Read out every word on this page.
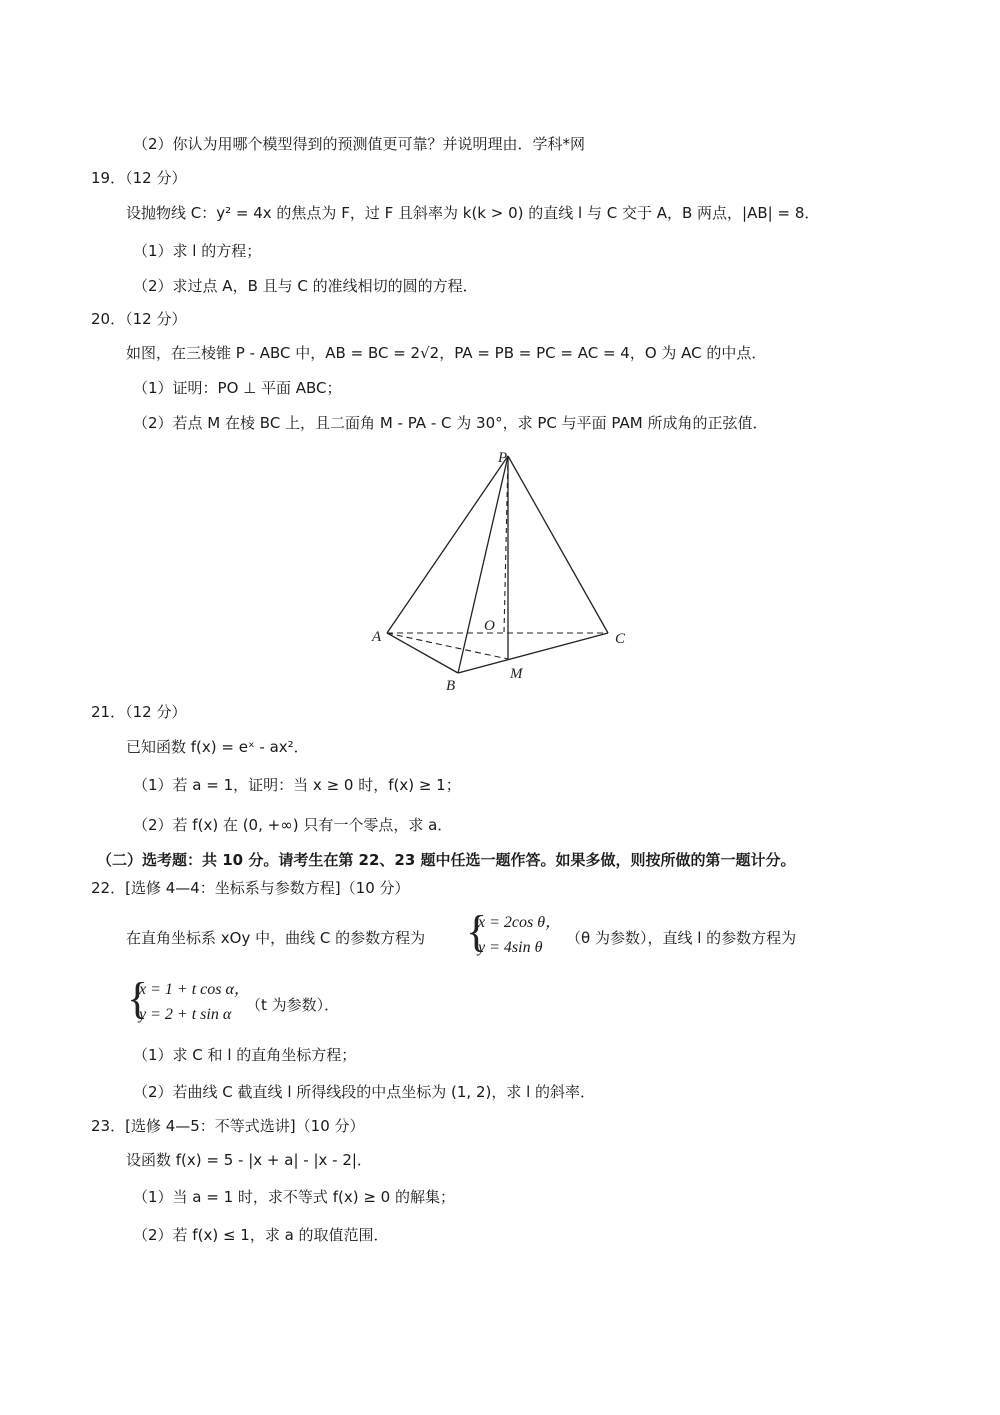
（2）你认为用哪个模型得到的预测值更可靠？并说明理由．学科*网
19．（12 分）
设抛物线 C：y² = 4x 的焦点为 F，过 F 且斜率为 k(k > 0) 的直线 l 与 C 交于 A，B 两点，|AB| = 8．
（1）求 l 的方程；
（2）求过点 A，B 且与 C 的准线相切的圆的方程．
20．（12 分）
如图，在三棱锥 P - ABC 中，AB = BC = 2√2，PA = PB = PC = AC = 4，O 为 AC 的中点．
（1）证明：PO ⊥ 平面 ABC；
（2）若点 M 在棱 BC 上，且二面角 M - PA - C 为 30°，求 PC 与平面 PAM 所成角的正弦值．
P
A	C
O
B
M
21．（12 分）
已知函数 f(x) = eˣ - ax²．
（1）若 a = 1，证明：当 x ≥ 0 时，f(x) ≥ 1；
（2）若 f(x) 在 (0, +∞) 只有一个零点，求 a．
（二）选考题：共 10 分。请考生在第 22、23 题中任选一题作答。如果多做，则按所做的第一题计分。
22．[选修 4—4：坐标系与参数方程]（10 分）
在直角坐标系 xOy 中，曲线 C 的参数方程为 {
x = 2cos θ，
y = 4sin θ
（θ 为参数），直线 l 的参数方程为
{
x = 1 + t cos α，
y = 2 + t sin α
（t 为参数）．
（1）求 C 和 l 的直角坐标方程；
（2）若曲线 C 截直线 l 所得线段的中点坐标为 (1, 2)，求 l 的斜率．
23．[选修 4—5：不等式选讲]（10 分）
设函数 f(x) = 5 - |x + a| - |x - 2|．
（1）当 a = 1 时，求不等式 f(x) ≥ 0 的解集；
（2）若 f(x) ≤ 1，求 a 的取值范围．
